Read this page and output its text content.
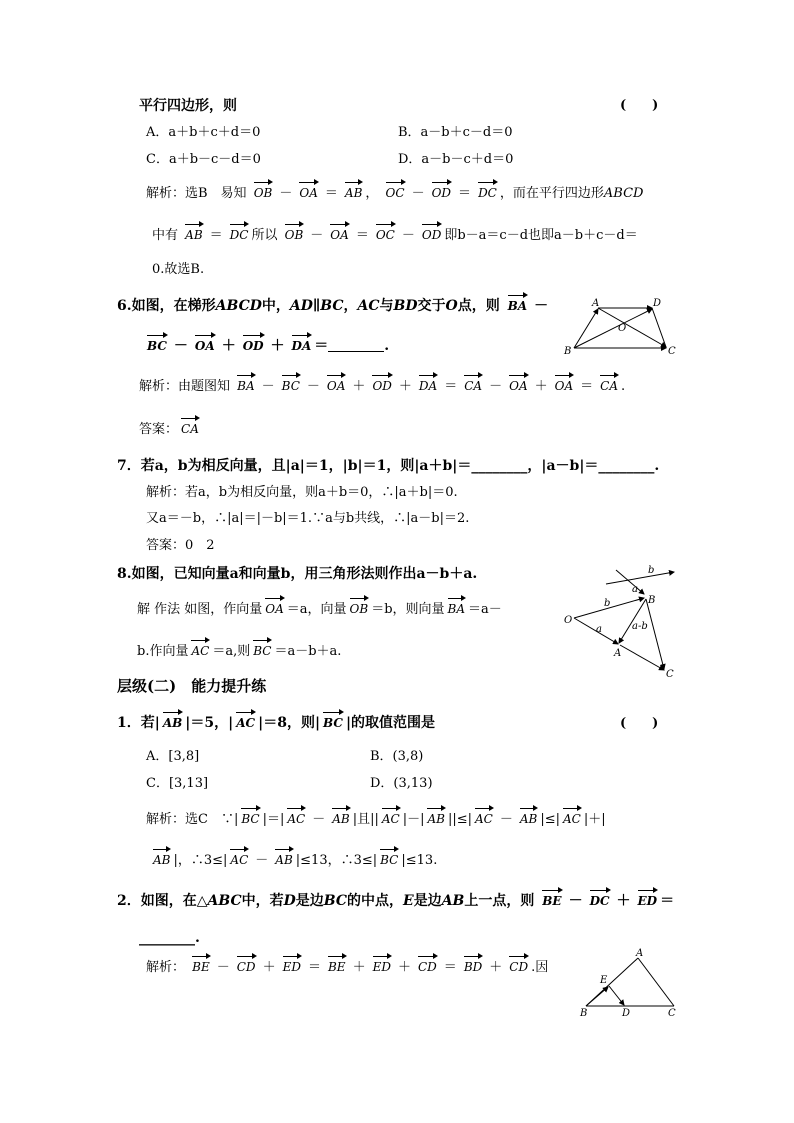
平行四边形，则	(　　)
A．a＋b＋c＋d＝0	B．a－b＋c－d＝0
C．a＋b－c－d＝0	D．a－b－c＋d＝0
解析：选B　易知 OB － OA ＝ AB ， OC － OD ＝ DC ，而在平行四边形ABCD
中有 AB ＝ DC 所以 OB － OA ＝ OC － OD 即b－a＝c－d也即a－b＋c－d＝
0.故选B.
6.如图，在梯形ABCD中，AD∥BC，AC与BD交于O点，则 BA －
BC － OA ＋ OD ＋ DA ＝	.
解析：由题图知 BA － BC － OA ＋ OD ＋ DA ＝ CA － OA ＋ OA ＝ CA .
答案： CA
A	D
O
B	C
7．若a，b为相反向量，且|a|＝1，|b|＝1，则|a＋b|＝________，|a－b|＝________.
解析：若a，b为相反向量，则a＋b＝0，∴|a＋b|＝0.
又a＝－b，∴|a|＝|－b|＝1.∵a与b共线，∴|a－b|＝2.
答案：0　2
8.如图，已知向量a和向量b，用三角形法则作出a－b＋a.
解 作法 如图，作向量 OA ＝a，向量 OB ＝b，则向量 BA ＝a－
b.作向量 AC ＝a,则 BC ＝a－b＋a.
b
a
O
B
b
a	a-b
A
C
层级(二)　能力提升练
1．若| AB |＝5，| AC |＝8，则| BC |的取值范围是	(　　)
A．[3,8]	B．(3,8)
C．[3,13]	D．(3,13)
解析：选C　∵| BC |＝| AC － AB |且|| AC |－| AB ||≤| AC － AB |≤| AC |＋|
AB |，∴3≤| AC － AB |≤13，∴3≤| BC |≤13.
2．如图，在△ABC中，若D是边BC的中点，E是边AB上一点，则 BE － DC ＋ ED ＝
________.
解析： BE － CD ＋ ED ＝ BE ＋ ED ＋ CD ＝ BD ＋ CD .因
A
E
B	D	C
